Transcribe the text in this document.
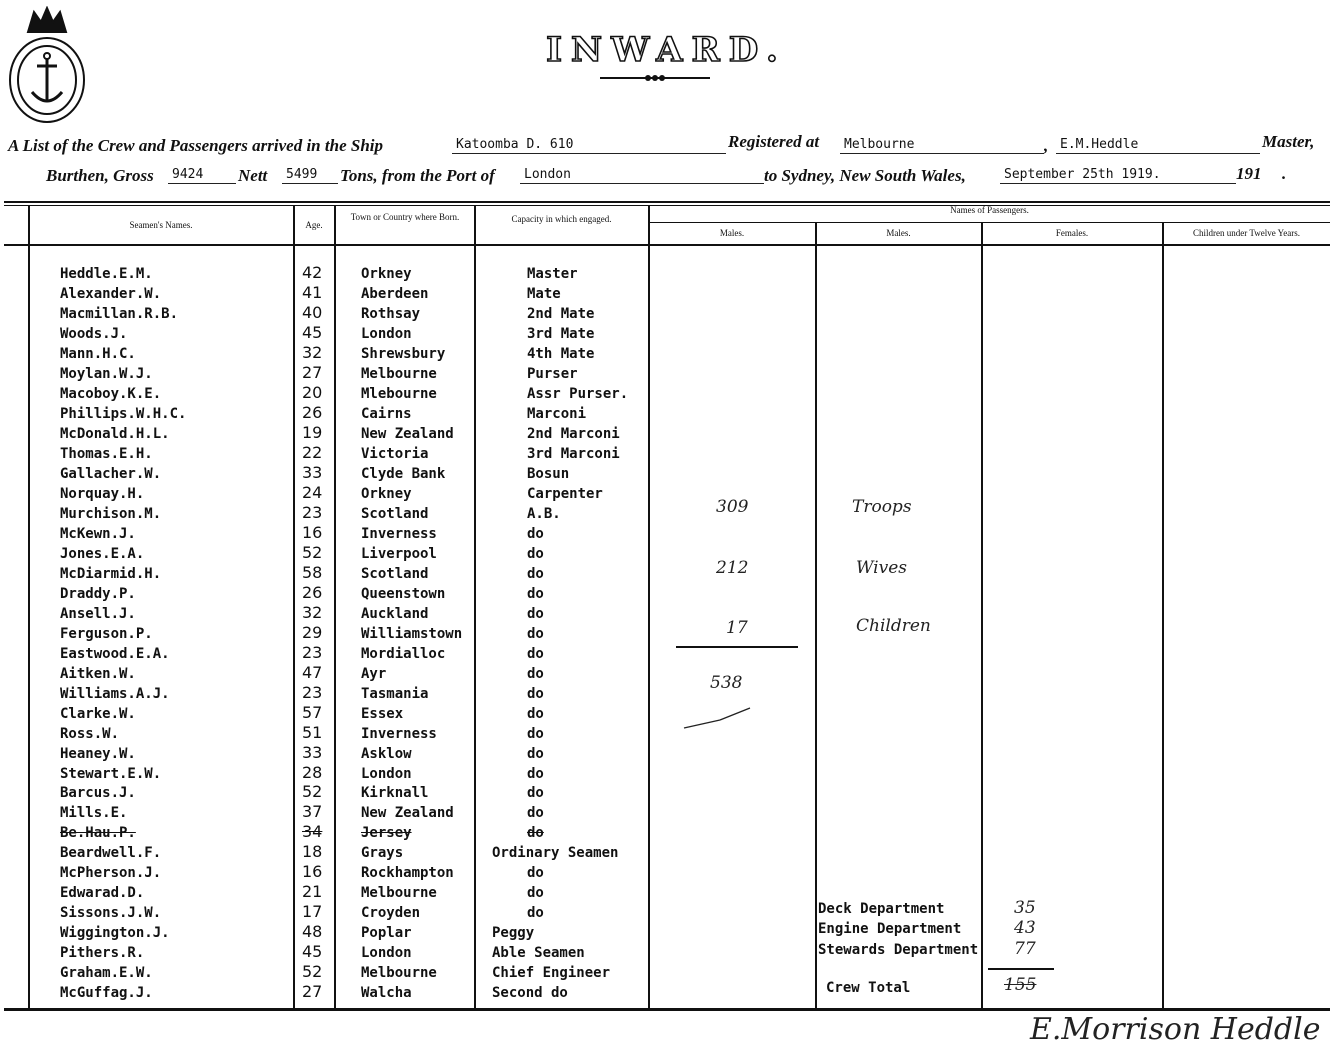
INWARD.
A List of the Crew and Passengers arrived in the Ship	Katoomba D. 610	Registered at	Melbourne	, E.M.Heddle	Master,
Burthen, Gross	9424	Nett	5499	Tons, from the Port of	London	to Sydney, New South Wales,	September 25th 1919.	191 .
Seamen's Names.	Age.
Town or Country where Born.	Capacity in which engaged.
Names of Passengers.
Males.	Males.	Females.	Children under Twelve Years.
Heddle.E.M.	42	Orkney	Master
Alexander.W.	41	Aberdeen	Mate
Macmillan.R.B.	40	Rothsay	2nd Mate
Woods.J.	45	London	3rd Mate
Mann.H.C.	32	Shrewsbury	4th Mate
Moylan.W.J.	27	Melbourne	Purser
Macoboy.K.E.	20	Mlebourne	Assr Purser.
Phillips.W.H.C.	26	Cairns	Marconi
McDonald.H.L.	19	New Zealand	2nd Marconi
Thomas.E.H.	22	Victoria	3rd Marconi
Gallacher.W.	33	Clyde Bank	Bosun
Norquay.H.	24	Orkney	Carpenter
Murchison.M.	23	Scotland	A.B.
McKewn.J.	16	Inverness	do
Jones.E.A.	52	Liverpool	do
McDiarmid.H.	58	Scotland	do
Draddy.P.	26	Queenstown	do
Ansell.J.	32	Auckland	do
Ferguson.P.	29	Williamstown	do
Eastwood.E.A.	23	Mordialloc	do
Aitken.W.	47	Ayr	do
Williams.A.J.	23	Tasmania	do
Clarke.W.	57	Essex	do
Ross.W.	51	Inverness	do
Heaney.W.	33	Asklow	do
Stewart.E.W.	28	London	do
Barcus.J.	52	Kirknall	do
Mills.E.	37	New Zealand	do
Be.Hau.P.	34	Jersey	do
Beardwell.F.	18	Grays	Ordinary Seamen
McPherson.J.	16	Rockhampton	do
Edwarad.D.	21	Melbourne	do
Sissons.J.W.	17	Croyden	do
Wiggington.J.	48	Poplar	Peggy
Pithers.R.	45	London	Able Seamen
Graham.E.W.	52	Melbourne	Chief Engineer
McGuffag.J.	27	Walcha	Second do
309	Troops
212	Wives
17	Children
538
Deck Department	35
Engine Department	43
Stewards Department 77
Crew Total	155
E.Morrison Heddle
